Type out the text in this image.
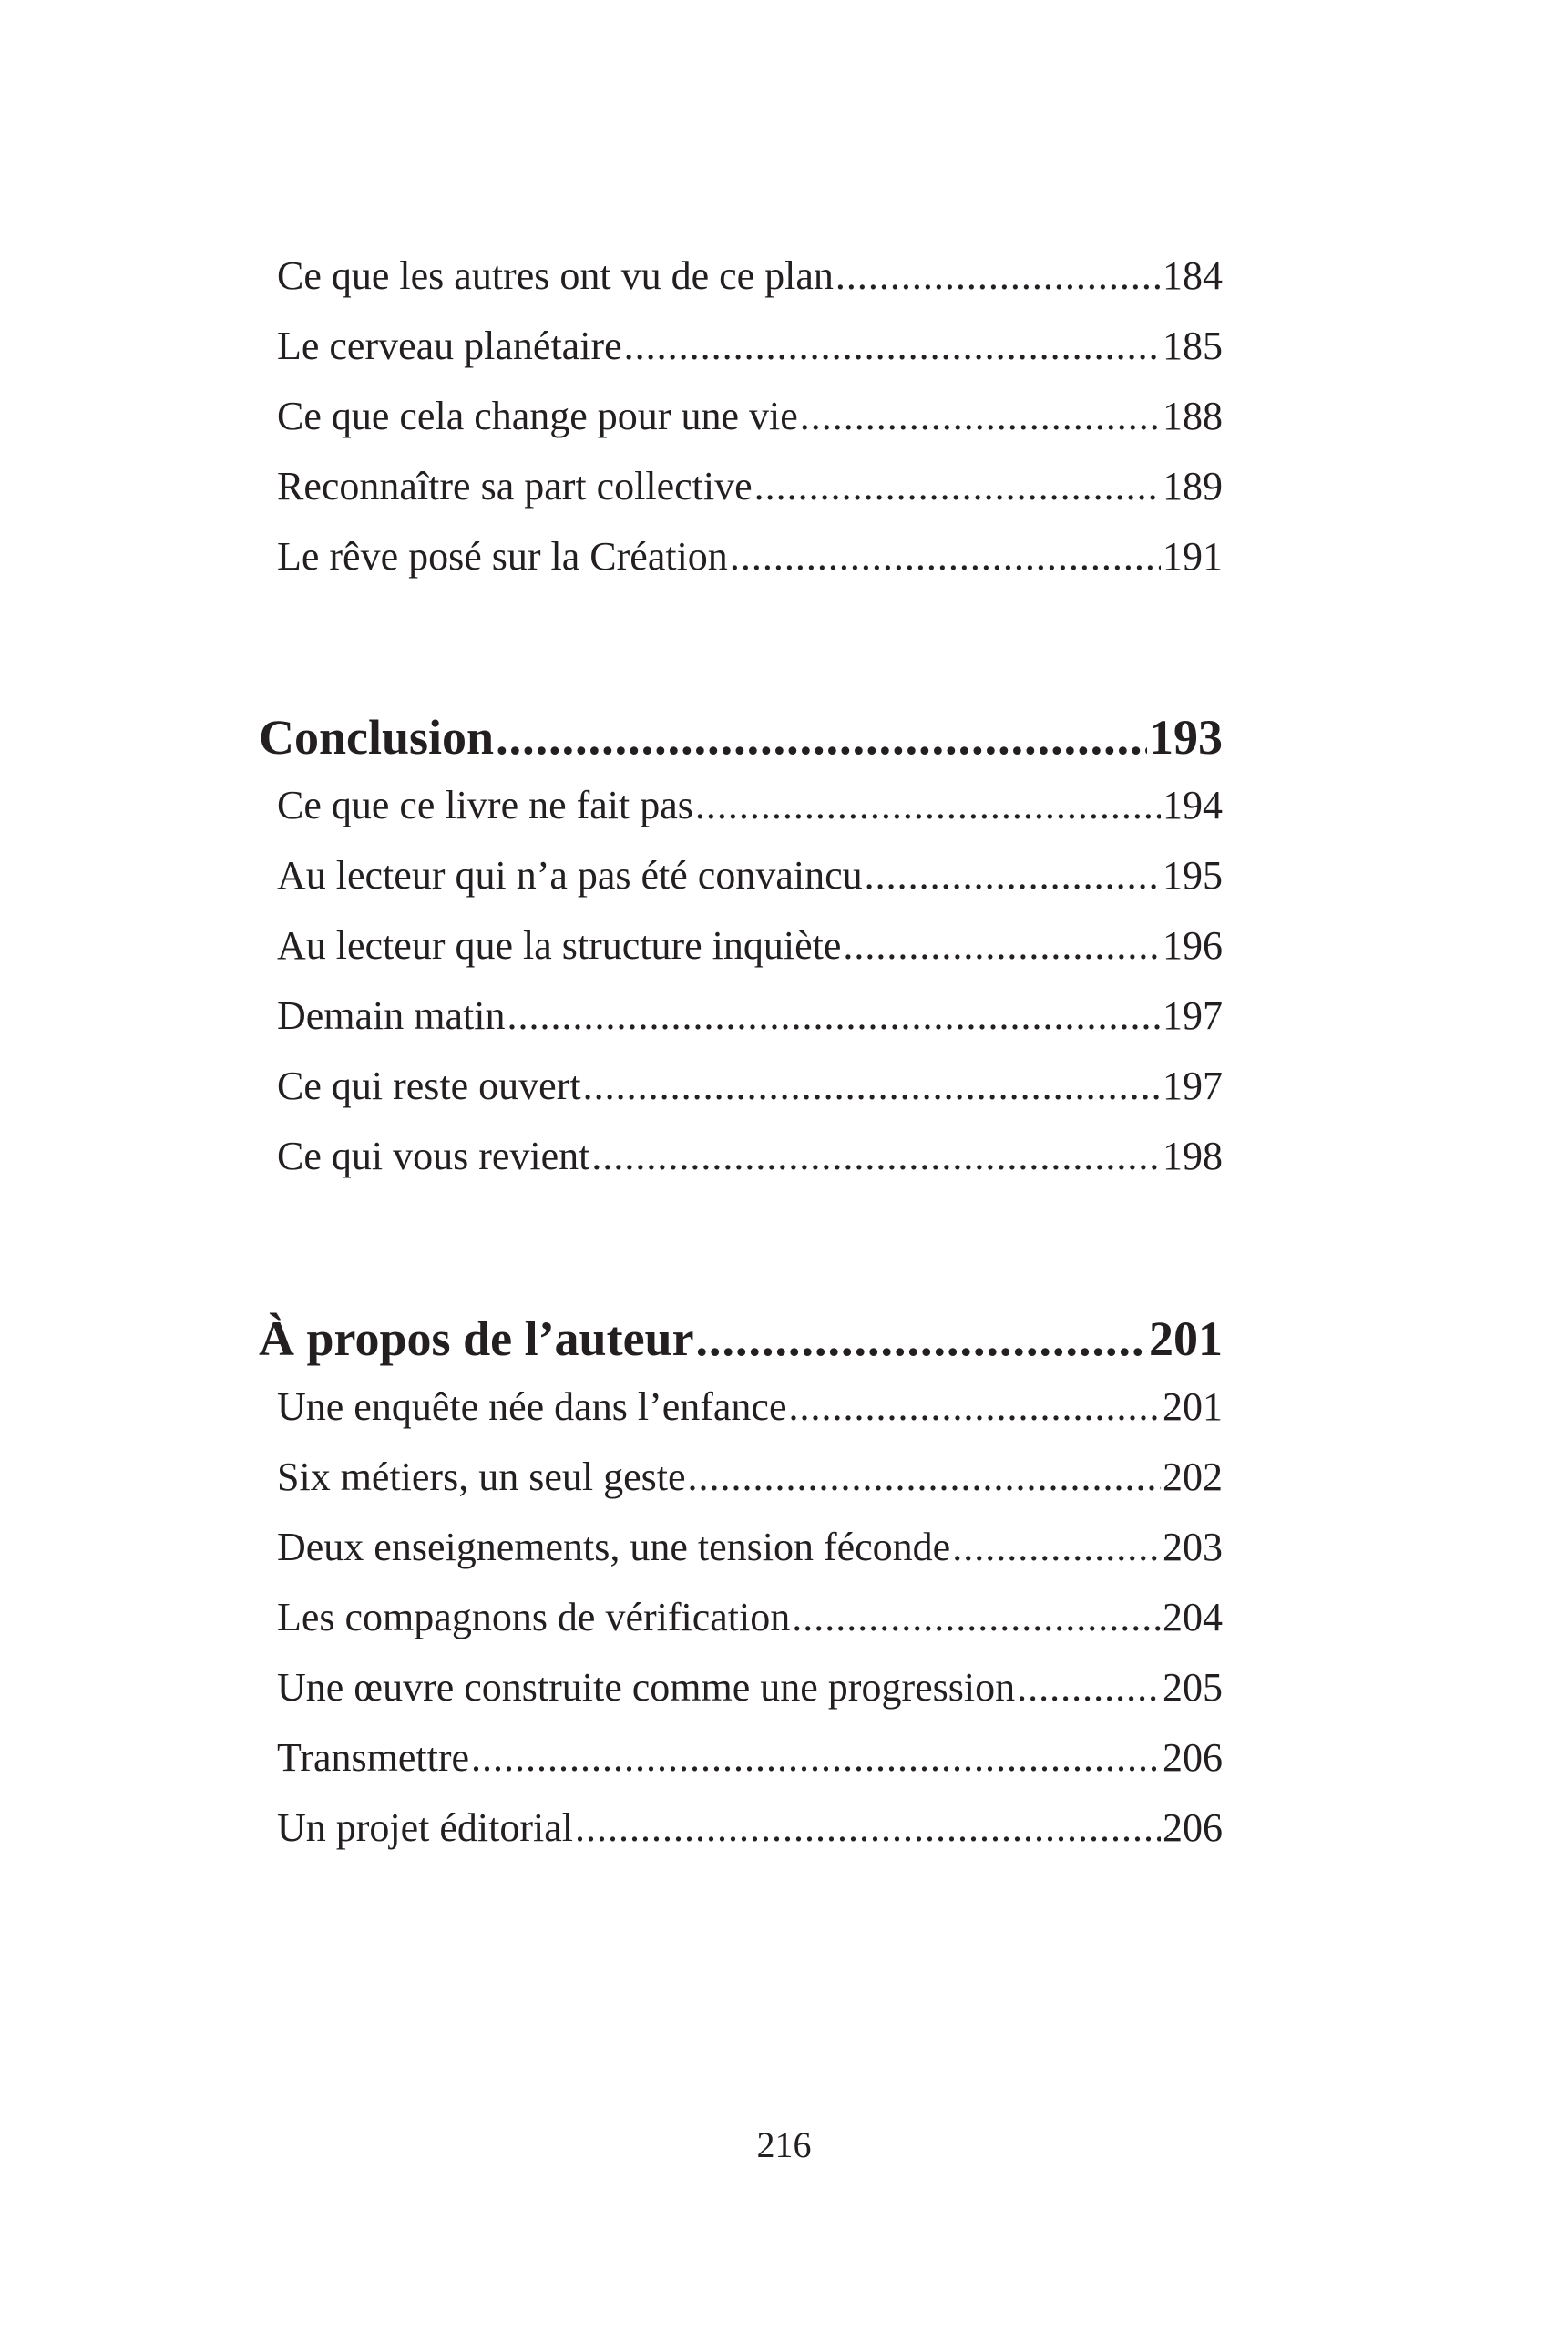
Ce que les autres ont vu de ce plan .....	184
Le cerveau planétaire .....	185
Ce que cela change pour une vie .....	188
Reconnaître sa part collective .....	189
Le rêve posé sur la Création .....	191
Conclusion .....	193
Ce que ce livre ne fait pas .....	194
Au lecteur qui n’a pas été convaincu .....	195
Au lecteur que la structure inquiète .....	196
Demain matin .....	197
Ce qui reste ouvert .....	197
Ce qui vous revient .....	198
À propos de l’auteur .....	201
Une enquête née dans l’enfance .....	201
Six métiers, un seul geste .....	202
Deux enseignements, une tension féconde .....	203
Les compagnons de vérification .....	204
Une œuvre construite comme une progression .....	205
Transmettre .....	206
Un projet éditorial .....	206
216
